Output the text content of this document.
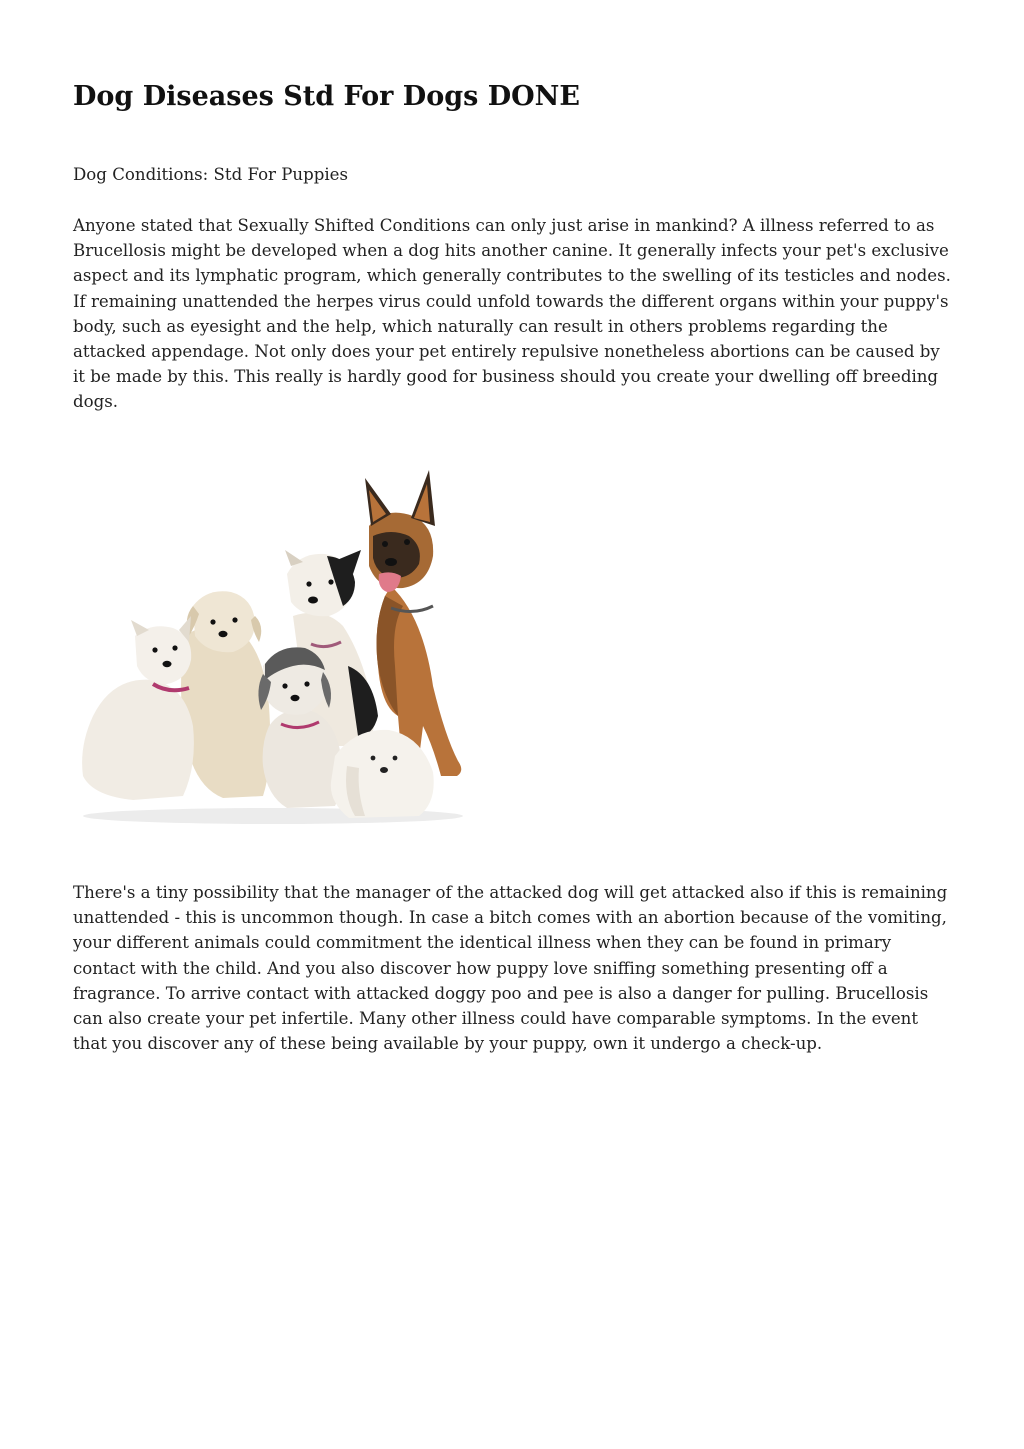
Dog Diseases Std For Dogs DONE

Dog Conditions: Std For Puppies

Anyone stated that Sexually Shifted Conditions can only just arise in mankind? A illness referred to as Brucellosis might be developed when a dog hits another canine. It generally infects your pet's exclusive aspect and its lymphatic program, which generally contributes to the swelling of its testicles and nodes. If remaining unattended the herpes virus could unfold towards the different organs within your puppy's body, such as eyesight and the help, which naturally can result in others problems regarding the attacked appendage. Not only does your pet entirely repulsive nonetheless abortions can be caused by it be made by this. This really is hardly good for business should you create your dwelling off breeding dogs.

There's a tiny possibility that the manager of the attacked dog will get attacked also if this is remaining unattended - this is uncommon though. In case a bitch comes with an abortion because of the vomiting, your different animals could commitment the identical illness when they can be found in primary contact with the child. And you also discover how puppy love sniffing something presenting off a fragrance. To arrive contact with attacked doggy poo and pee is also a danger for pulling. Brucellosis can also create your pet infertile. Many other illness could have comparable symptoms. In the event that you discover any of these being available by your puppy, own it undergo a check-up.
